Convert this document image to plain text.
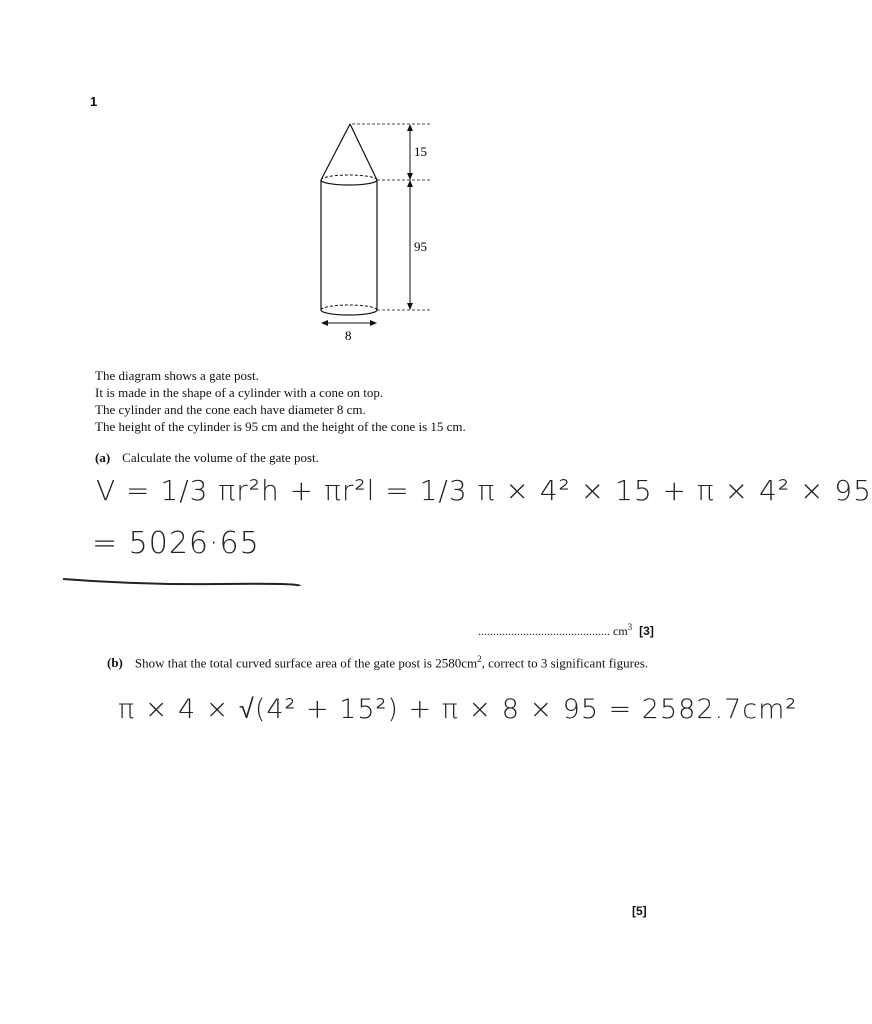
1
15
95
8
The diagram shows a gate post.
It is made in the shape of a cylinder with a cone on top.
The cylinder and the cone each have diameter 8 cm.
The height of the cylinder is 95 cm and the height of the cone is 15 cm.
(a) Calculate the volume of the gate post.
V = 1/3 πr²h + πr²l = 1/3 π × 4² × 15 + π × 4² × 95
= 5026·65
............................................ $cm^3$ [3]
(b) Show that the total curved surface area of the gate post is $2580cm^2$, correct to 3 significant figures.
π × 4 × √(4² + 15²) + π × 8 × 95 = 2582.7cm²
[5]
